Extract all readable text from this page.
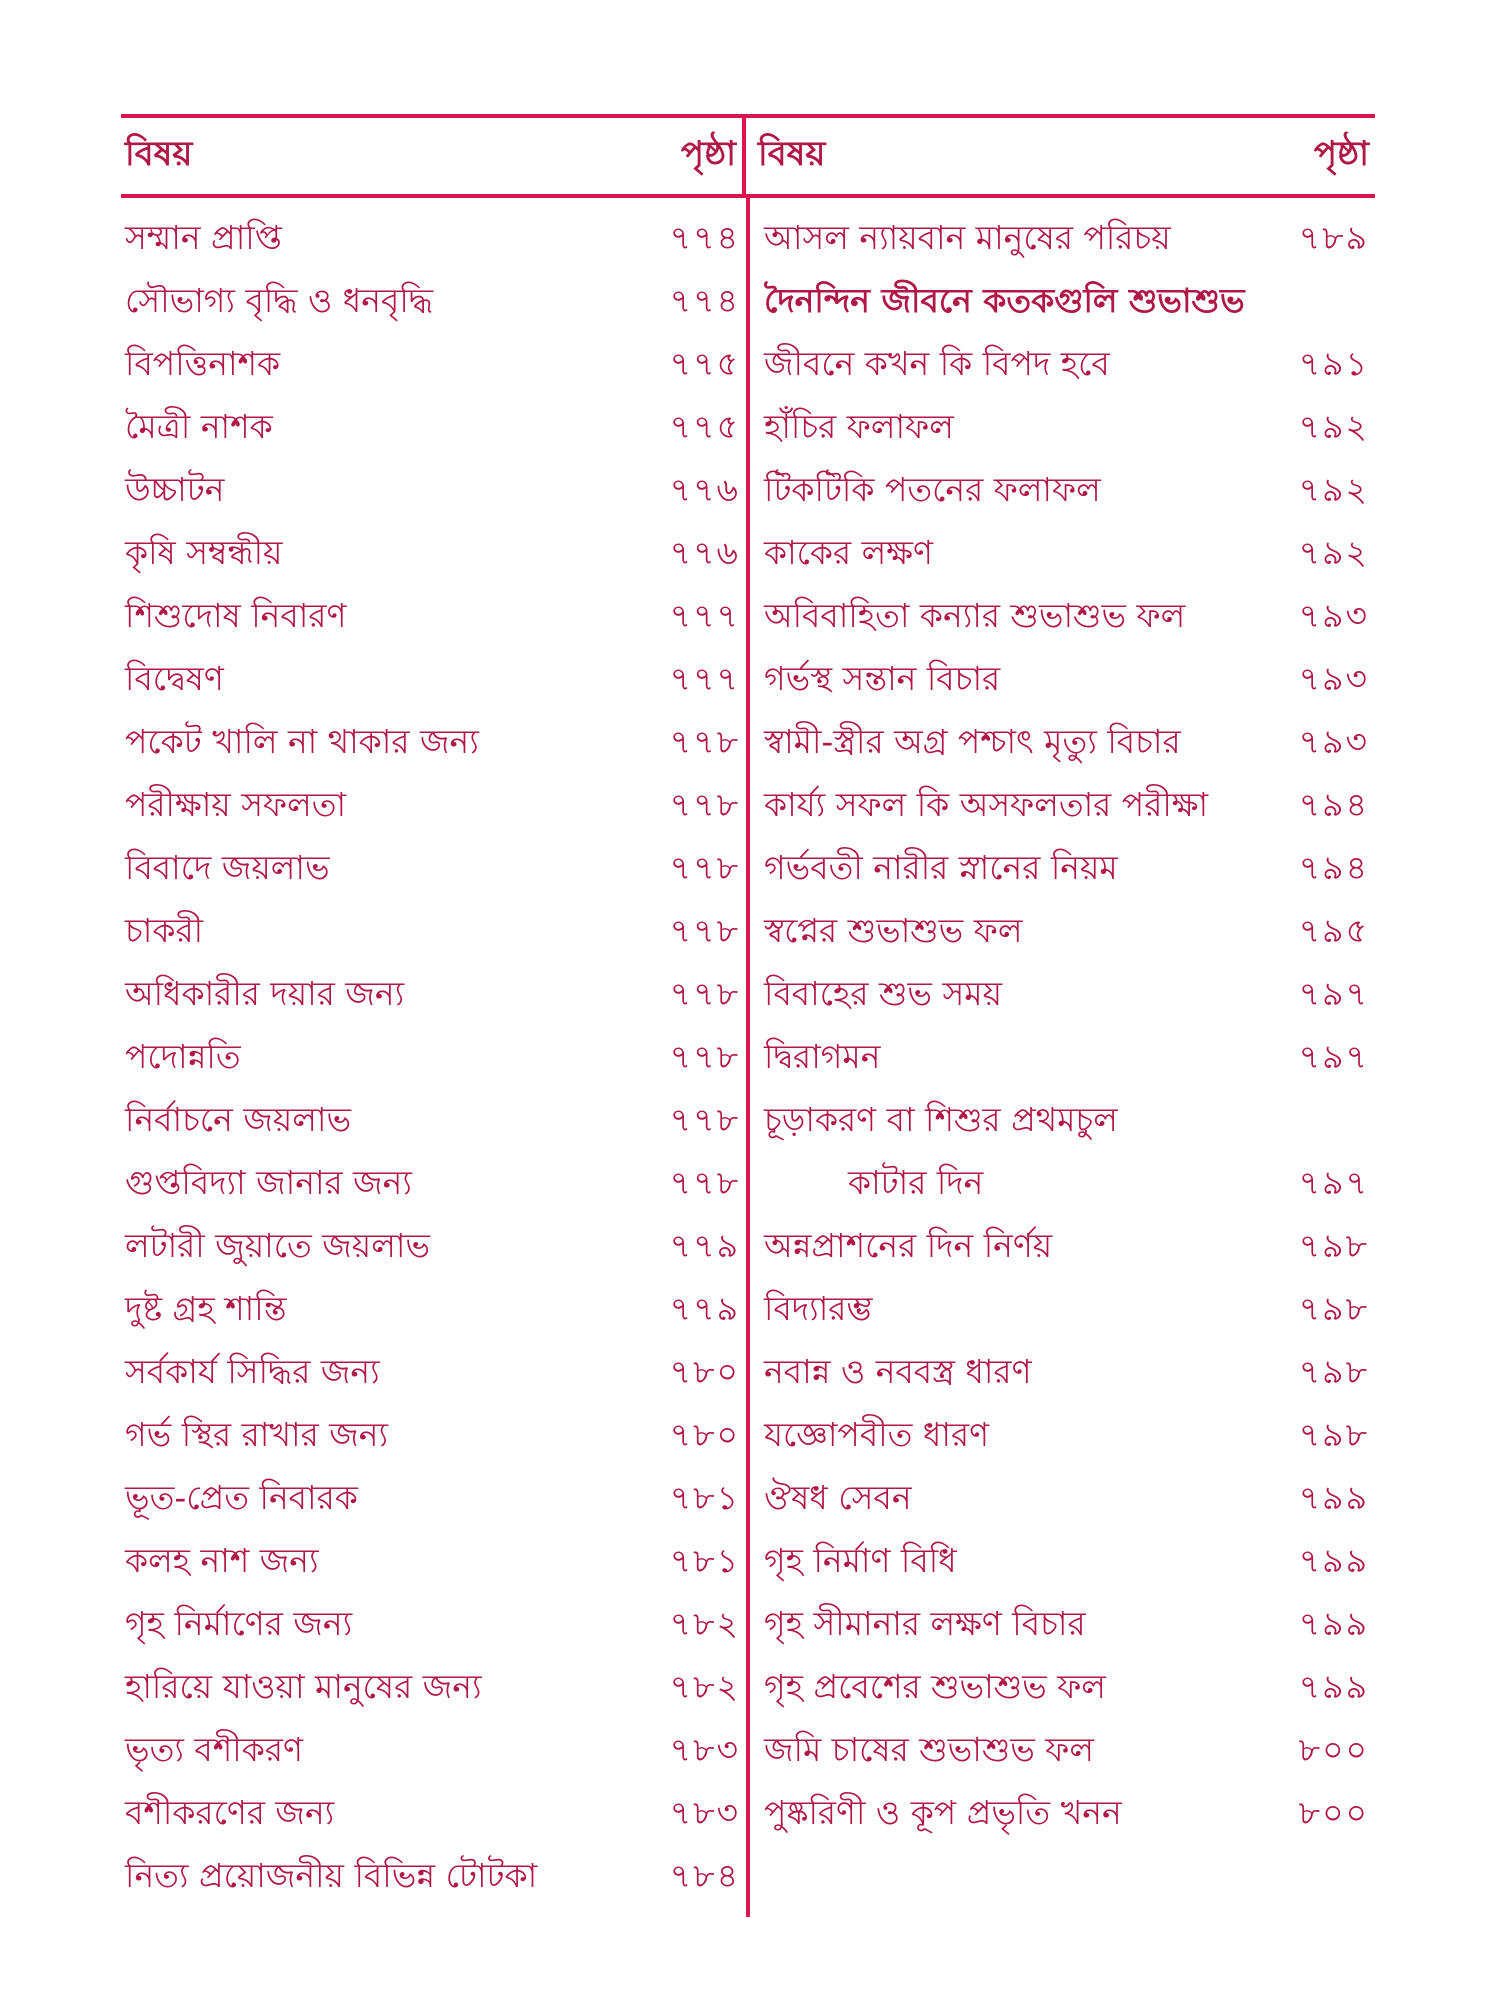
বিষয়	পৃষ্ঠা বিষয়	পৃষ্ঠা
সম্মান প্রাপ্তি	৭৭৪
সৌভাগ্য বৃদ্ধি ও ধনবৃদ্ধি	৭৭৪
বিপত্তিনাশক	৭৭৫
মৈত্রী নাশক	৭৭৫
উচ্চাটন	৭৭৬
কৃষি সম্বন্ধীয়	৭৭৬
শিশুদোষ নিবারণ	৭৭৭
বিদ্বেষণ	৭৭৭
পকেট খালি না থাকার জন্য	৭৭৮
পরীক্ষায় সফলতা	৭৭৮
বিবাদে জয়লাভ	৭৭৮
চাকরী	৭৭৮
অধিকারীর দয়ার জন্য	৭৭৮
পদোন্নতি	৭৭৮
নির্বাচনে জয়লাভ	৭৭৮
গুপ্তবিদ্যা জানার জন্য	৭৭৮
লটারী জুয়াতে জয়লাভ	৭৭৯
দুষ্ট গ্রহ শান্তি	৭৭৯
সর্বকার্য সিদ্ধির জন্য	৭৮০
গর্ভ স্থির রাখার জন্য	৭৮০
ভূত-প্রেত নিবারক	৭৮১
কলহ নাশ জন্য	৭৮১
গৃহ নির্মাণের জন্য	৭৮২
হারিয়ে যাওয়া মানুষের জন্য	৭৮২
ভৃত্য বশীকরণ	৭৮৩
বশীকরণের জন্য	৭৮৩
নিত্য প্রয়োজনীয় বিভিন্ন টোটকা	৭৮৪
আসল ন্যায়বান মানুষের পরিচয়	৭৮৯
দৈনন্দিন জীবনে কতকগুলি শুভাশুভ
জীবনে কখন কি বিপদ হবে	৭৯১
হাঁচির ফলাফল	৭৯২
টিকটিকি পতনের ফলাফল	৭৯২
কাকের লক্ষণ	৭৯২
অবিবাহিতা কন্যার শুভাশুভ ফল	৭৯৩
গর্ভস্থ সন্তান বিচার	৭৯৩
স্বামী-স্ত্রীর অগ্র পশ্চাৎ মৃত্যু বিচার	৭৯৩
কার্য্য সফল কি অসফলতার পরীক্ষা	৭৯৪
গর্ভবতী নারীর স্নানের নিয়ম	৭৯৪
স্বপ্নের শুভাশুভ ফল	৭৯৫
বিবাহের শুভ সময়	৭৯৭
দ্বিরাগমন	৭৯৭
চূড়াকরণ বা শিশুর প্রথমচুল
কাটার দিন	৭৯৭
অন্নপ্রাশনের দিন নির্ণয়	৭৯৮
বিদ্যারম্ভ	৭৯৮
নবান্ন ও নববস্ত্র ধারণ	৭৯৮
যজ্ঞোপবীত ধারণ	৭৯৮
ঔষধ সেবন	৭৯৯
গৃহ নির্মাণ বিধি	৭৯৯
গৃহ সীমানার লক্ষণ বিচার	৭৯৯
গৃহ প্রবেশের শুভাশুভ ফল	৭৯৯
জমি চাষের শুভাশুভ ফল	৮০০
পুষ্করিণী ও কূপ প্রভৃতি খনন	৮০০
